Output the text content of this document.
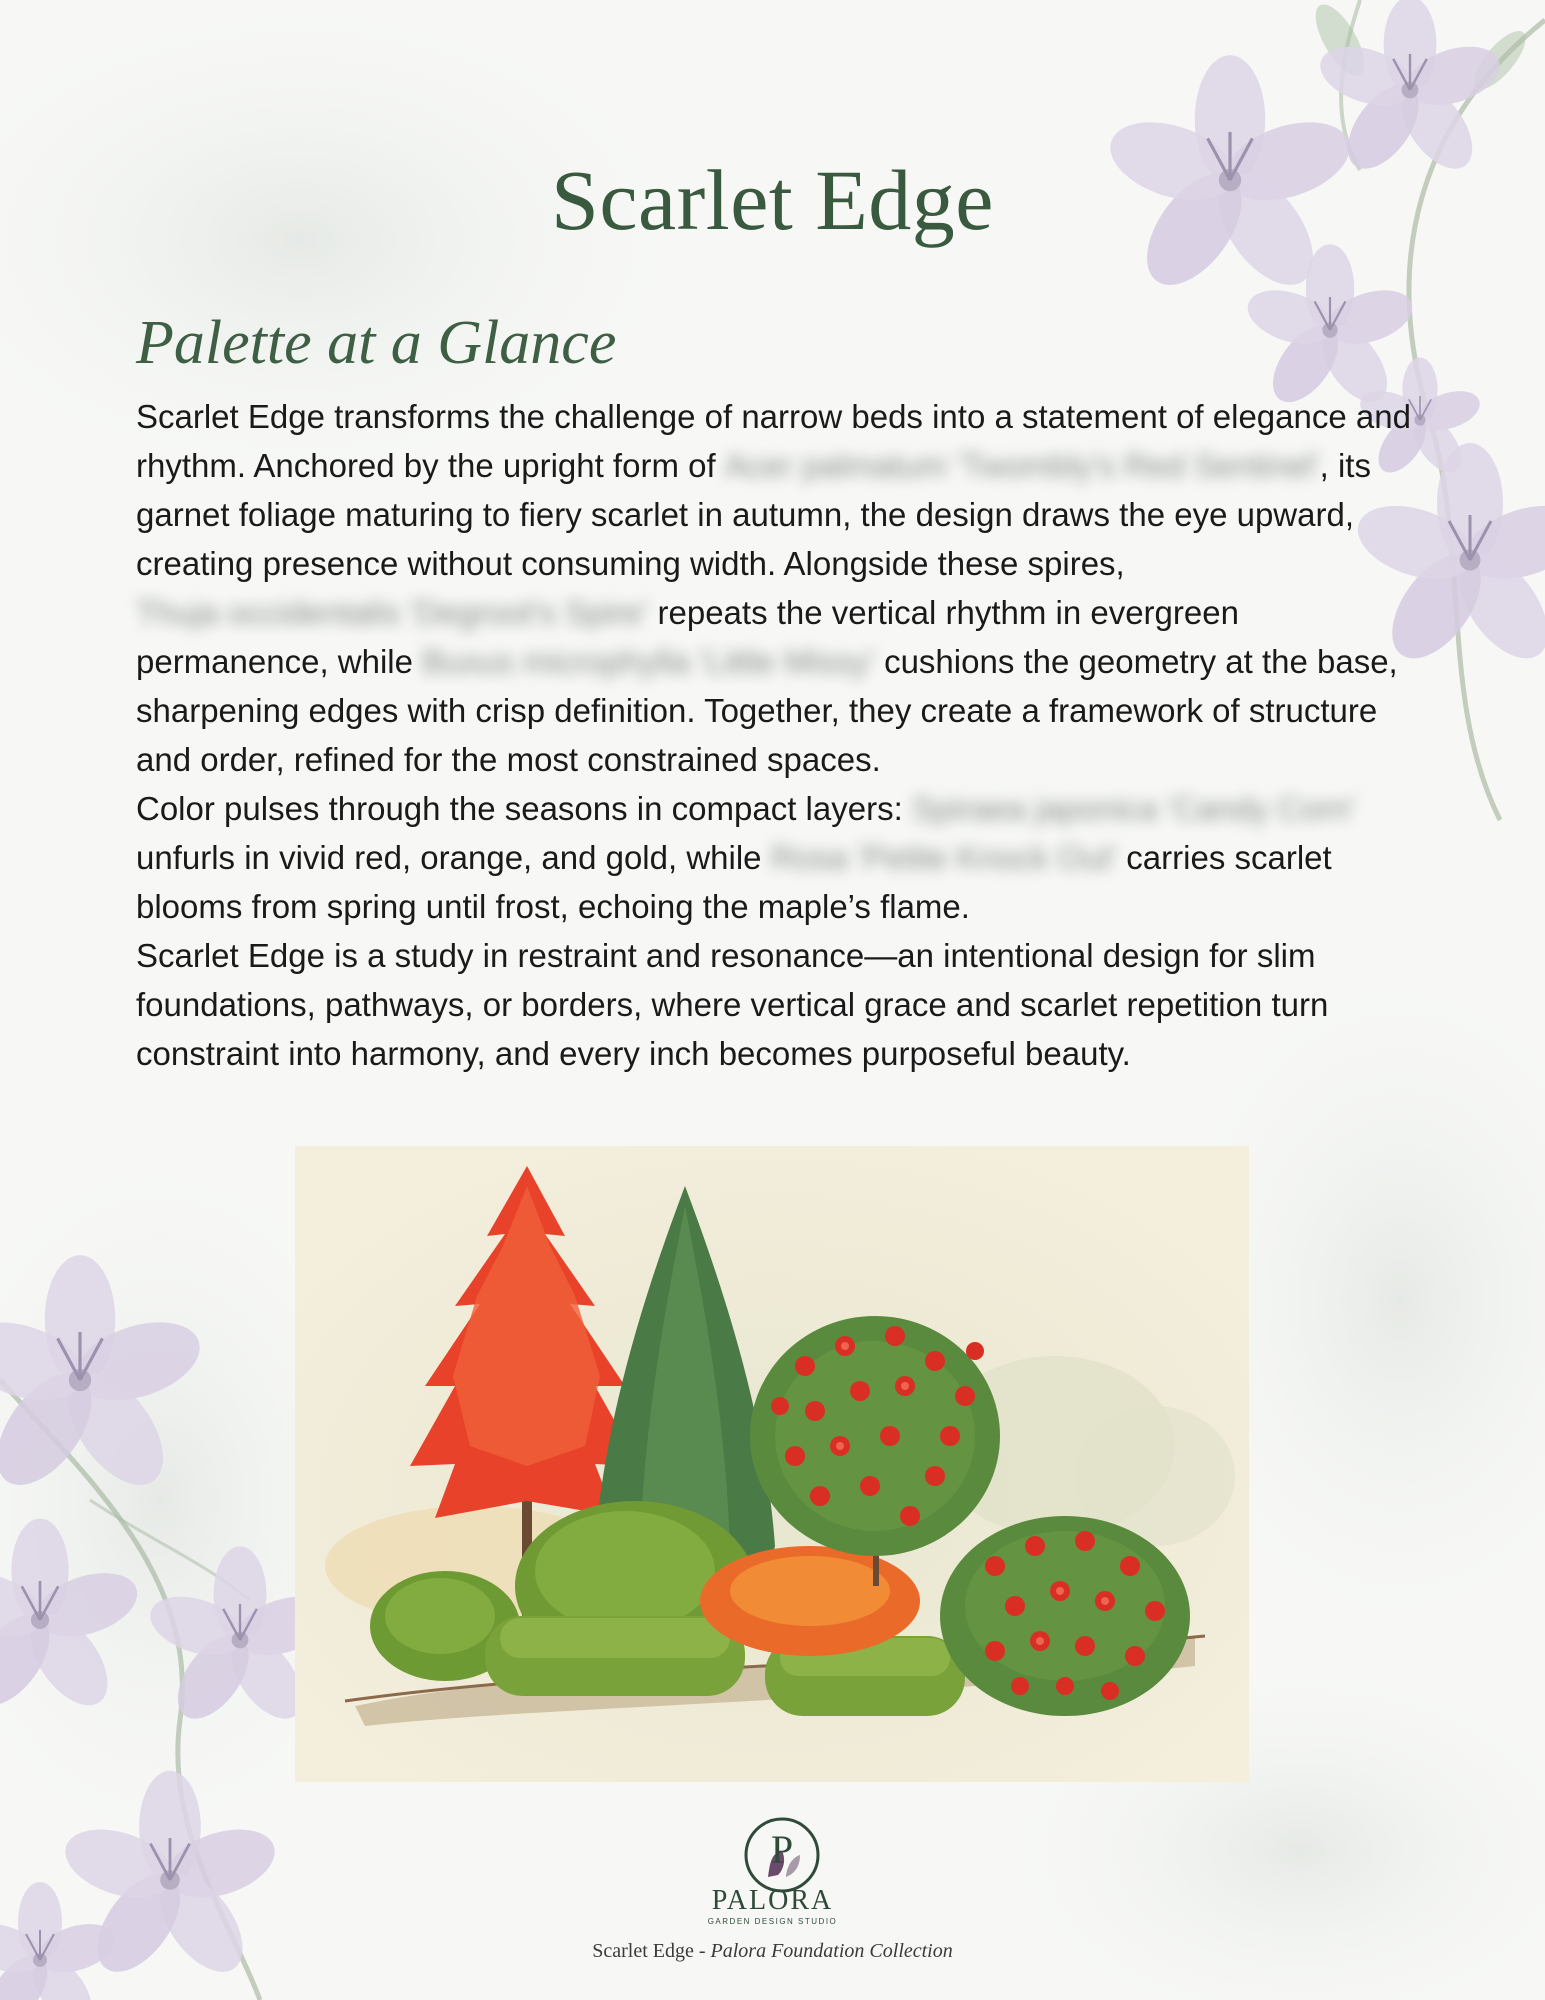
Scarlet Edge
Palette at a Glance

Scarlet Edge transforms the challenge of narrow beds into a statement of elegance and rhythm. Anchored by the upright form of Acer palmatum 'Twombly's Red Sentinel', its garnet foliage maturing to fiery scarlet in autumn, the design draws the eye upward, creating presence without consuming width. Alongside these spires, Thuja occidentalis 'Degroot's Spire' repeats the vertical rhythm in evergreen permanence, while Buxus microphylla 'Little Missy' cushions the geometry at the base, sharpening edges with crisp definition. Together, they create a framework of structure and order, refined for the most constrained spaces.

Color pulses through the seasons in compact layers: Spiraea japonica 'Candy Corn' unfurls in vivid red, orange, and gold, while Rosa 'Petite Knock Out' carries scarlet blooms from spring until frost, echoing the maple’s flame.

Scarlet Edge is a study in restraint and resonance—an intentional design for slim foundations, pathways, or borders, where vertical grace and scarlet repetition turn constraint into harmony, and every inch becomes purposeful beauty.

P
PALORA
GARDEN DESIGN STUDIO
Scarlet Edge - Palora Foundation Collection
